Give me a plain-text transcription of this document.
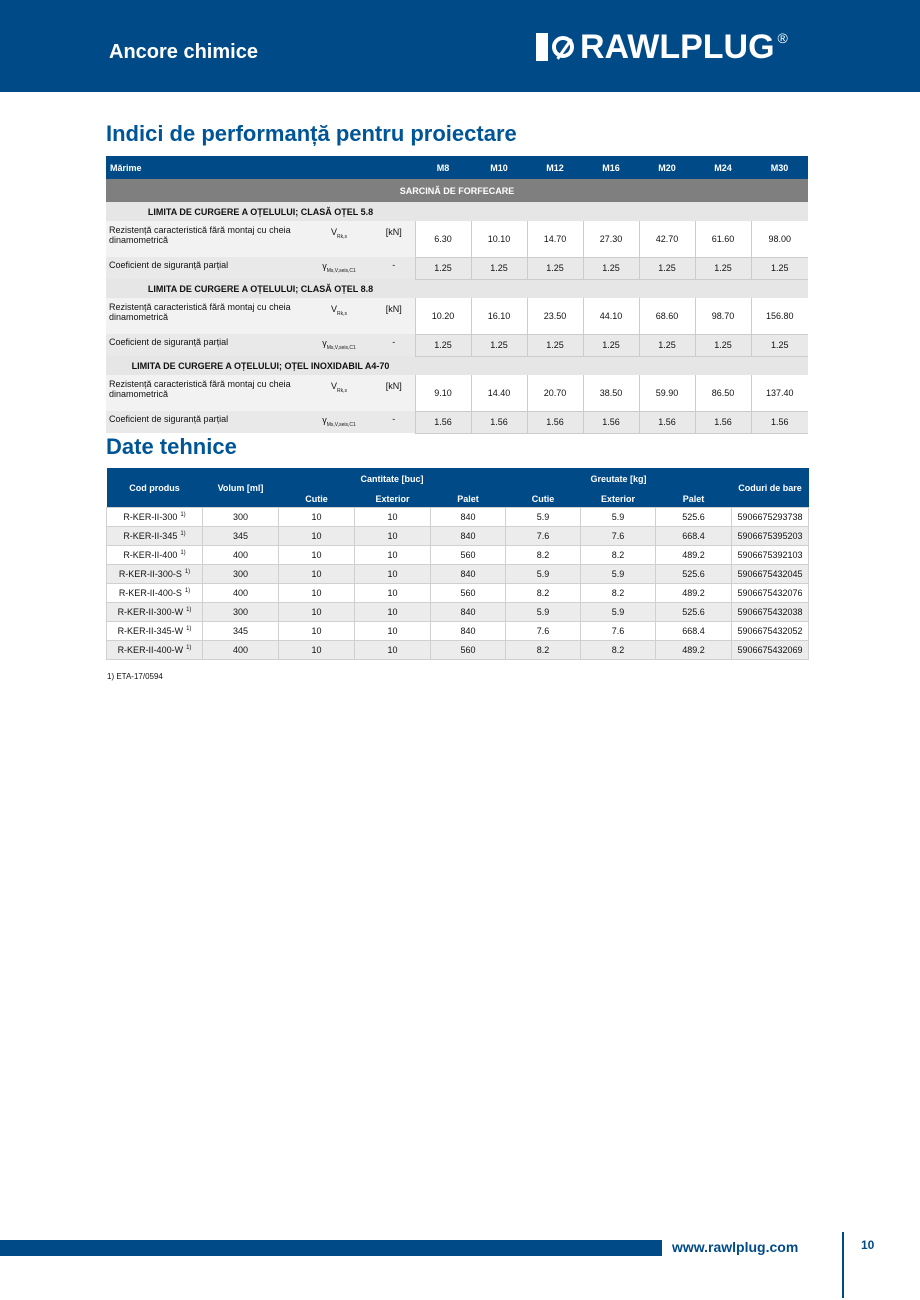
Ancore chimice	RAWLPLUG ®
Indici de performanță pentru proiectare
Mărime			M8	M10	M12	M16	M20	M24	M30
SARCINĂ DE FORFECARE									
LIMITA DE CURGERE A OȚELULUI; CLASĂ OȚEL 5.8									
Rezistență caracteristică fără montaj cu cheia dinamometrică	$V_{Rk,s}$	[kN]	6.30	10.10	14.70	27.30	42.70	61.60	98.00
Coeficient de siguranță parțial	$\gamma_{Ms,V,seis,C1}$	-	1.25	1.25	1.25	1.25	1.25	1.25	1.25
LIMITA DE CURGERE A OȚELULUI; CLASĂ OȚEL 8.8									
Rezistență caracteristică fără montaj cu cheia dinamometrică	$V_{Rk,s}$	[kN]	10.20	16.10	23.50	44.10	68.60	98.70	156.80
Coeficient de siguranță parțial	$\gamma_{Ms,V,seis,C1}$	-	1.25	1.25	1.25	1.25	1.25	1.25	1.25
LIMITA DE CURGERE A OȚELULUI; OȚEL INOXIDABIL A4-70									
Rezistență caracteristică fără montaj cu cheia dinamometrică	$V_{Rk,s}$	[kN]	9.10	14.40	20.70	38.50	59.90	86.50	137.40
Coeficient de siguranță parțial	$\gamma_{Ms,V,seis,C1}$	-	1.56	1.56	1.56	1.56	1.56	1.56	1.56
Date tehnice
Cod produs	Volum [ml]	Cantitate [buc]			Greutate [kg]			Coduri de bare
		Cutie	Exterior	Palet	Cutie	Exterior	Palet	
R-KER-II-300 $^{1)}$	300	10	10	840	5.9	5.9	525.6	5906675293738
R-KER-II-345 $^{1)}$	345	10	10	840	7.6	7.6	668.4	5906675395203
R-KER-II-400 $^{1)}$	400	10	10	560	8.2	8.2	489.2	5906675392103
R-KER-II-300-S $^{1)}$	300	10	10	840	5.9	5.9	525.6	5906675432045
R-KER-II-400-S $^{1)}$	400	10	10	560	8.2	8.2	489.2	5906675432076
R-KER-II-300-W $^{1)}$	300	10	10	840	5.9	5.9	525.6	5906675432038
R-KER-II-345-W $^{1)}$	345	10	10	840	7.6	7.6	668.4	5906675432052
R-KER-II-400-W $^{1)}$	400	10	10	560	8.2	8.2	489.2	5906675432069
1) ETA-17/0594
www.rawlplug.com	10
